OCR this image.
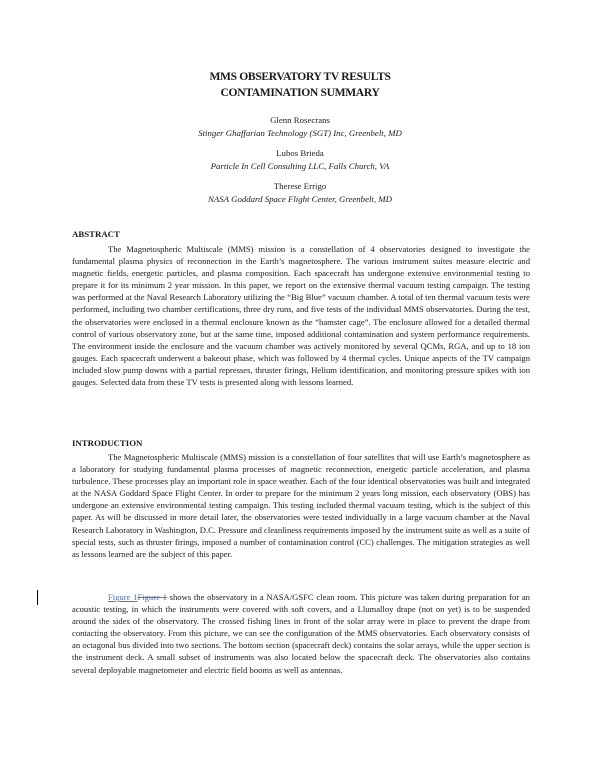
MMS OBSERVATORY TV RESULTS
CONTAMINATION SUMMARY
Glenn Rosecrans
Stinger Ghaffarian Technology (SGT) Inc, Greenbelt, MD
Lubos Brieda
Particle In Cell Consulting LLC, Falls Church, VA
Therese Errigo
NASA Goddard Space Flight Center, Greenbelt, MD
ABSTRACT

The Magnetospheric Multiscale (MMS) mission is a constellation of 4 observatories designed to investigate the fundamental plasma physics of reconnection in the Earth’s magnetosphere. The various instrument suites measure electric and magnetic fields, energetic particles, and plasma composition. Each spacecraft has undergone extensive environmental testing to prepare it for its minimum 2 year mission. In this paper, we report on the extensive thermal vacuum testing campaign. The testing was performed at the Naval Research Laboratory utilizing the “Big Blue” vacuum chamber. A total of ten thermal vacuum tests were performed, including two chamber certifications, three dry runs, and five tests of the individual MMS observatories. During the test, the observatories were enclosed in a thermal enclosure known as the “hamster cage”. The enclosure allowed for a detailed thermal control of various observatory zone, but at the same time, imposed additional contamination and system performance requirements. The environment inside the enclosure and the vacuum chamber was actively monitored by several QCMs, RGA, and up to 18 ion gauges. Each spacecraft underwent a bakeout phase, which was followed by 4 thermal cycles. Unique aspects of the TV campaign included slow pump downs with a partial represses, thruster firings, Helium identification, and monitoring pressure spikes with ion gauges. Selected data from these TV tests is presented along with lessons learned.

INTRODUCTION

The Magnetospheric Multiscale (MMS) mission is a constellation of four satellites that will use Earth’s magnetosphere as a laboratory for studying fundamental plasma processes of magnetic reconnection, energetic particle acceleration, and plasma turbulence. These processes play an important role in space weather. Each of the four identical observatories was built and integrated at the NASA Goddard Space Flight Center. In order to prepare for the minimum 2 years long mission, each observatory (OBS) has undergone an extensive environmental testing campaign. This testing included thermal vacuum testing, which is the subject of this paper. As will be discussed in more detail later, the observatories were tested individually in a large vacuum chamber at the Naval Research Laboratory in Washington, D.C. Pressure and cleanliness requirements imposed by the instrument suite as well as a suite of special tests, such as thruster firings, imposed a number of contamination control (CC) challenges. The mitigation strategies as well as lessons learned are the subject of this paper.

Figure 1Figure 1 shows the observatory in a NASA/GSFC clean room. This picture was taken during preparation for an acoustic testing, in which the instruments were covered with soft covers, and a Llumalloy drape (not on yet) is to be suspended around the sides of the observatory. The crossed fishing lines in front of the solar array were in place to prevent the drape from contacting the observatory. From this picture, we can see the configuration of the MMS observatories. Each observatory consists of an octagonal bus divided into two sections. The bottom section (spacecraft deck) contains the solar arrays, while the upper section is the instrument deck. A small subset of instruments was also located below the spacecraft deck. The observatories also contains several deployable magnetometer and electric field booms as well as antennas.
